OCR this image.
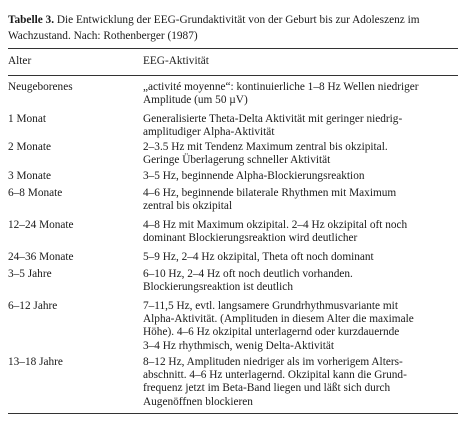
Tabelle 3. Die Entwicklung der EEG-Grundaktivität von der Geburt bis zur Adoleszenz im Wachzustand. Nach: Rothenberger (1987)
Alter	EEG-Aktivität
Neugeborenes	„activité moyenne“: kontinuierliche 1–8 Hz Wellen niedriger
Amplitude (um 50 µV)
1 Monat	Generalisierte Theta-Delta Aktivität mit geringer niedrig-
amplitudiger Alpha-Aktivität
2 Monate	2–3.5 Hz mit Tendenz Maximum zentral bis okzipital.
Geringe Überlagerung schneller Aktivität
3 Monate	3–5 Hz, beginnende Alpha-Blockierungsreaktion
6–8 Monate	4–6 Hz, beginnende bilaterale Rhythmen mit Maximum
zentral bis okzipital
12–24 Monate	4–8 Hz mit Maximum okzipital. 2–4 Hz okzipital oft noch
dominant Blockierungsreaktion wird deutlicher
24–36 Monate	5–9 Hz, 2–4 Hz okzipital, Theta oft noch dominant
3–5 Jahre	6–10 Hz, 2–4 Hz oft noch deutlich vorhanden.
Blockierungsreaktion ist deutlich
6–12 Jahre	7–11,5 Hz, evtl. langsamere Grundrhythmusvariante mit
Alpha-Aktivität. (Amplituden in diesem Alter die maximale
Höhe). 4–6 Hz okzipital unterlagernd oder kurzdauernde
3–4 Hz rhythmisch, wenig Delta-Aktivität
13–18 Jahre	8–12 Hz, Amplituden niedriger als im vorherigem Alters-
abschnitt. 4–6 Hz unterlagernd. Okzipital kann die Grund-
frequenz jetzt im Beta-Band liegen und läßt sich durch
Augenöffnen blockieren
